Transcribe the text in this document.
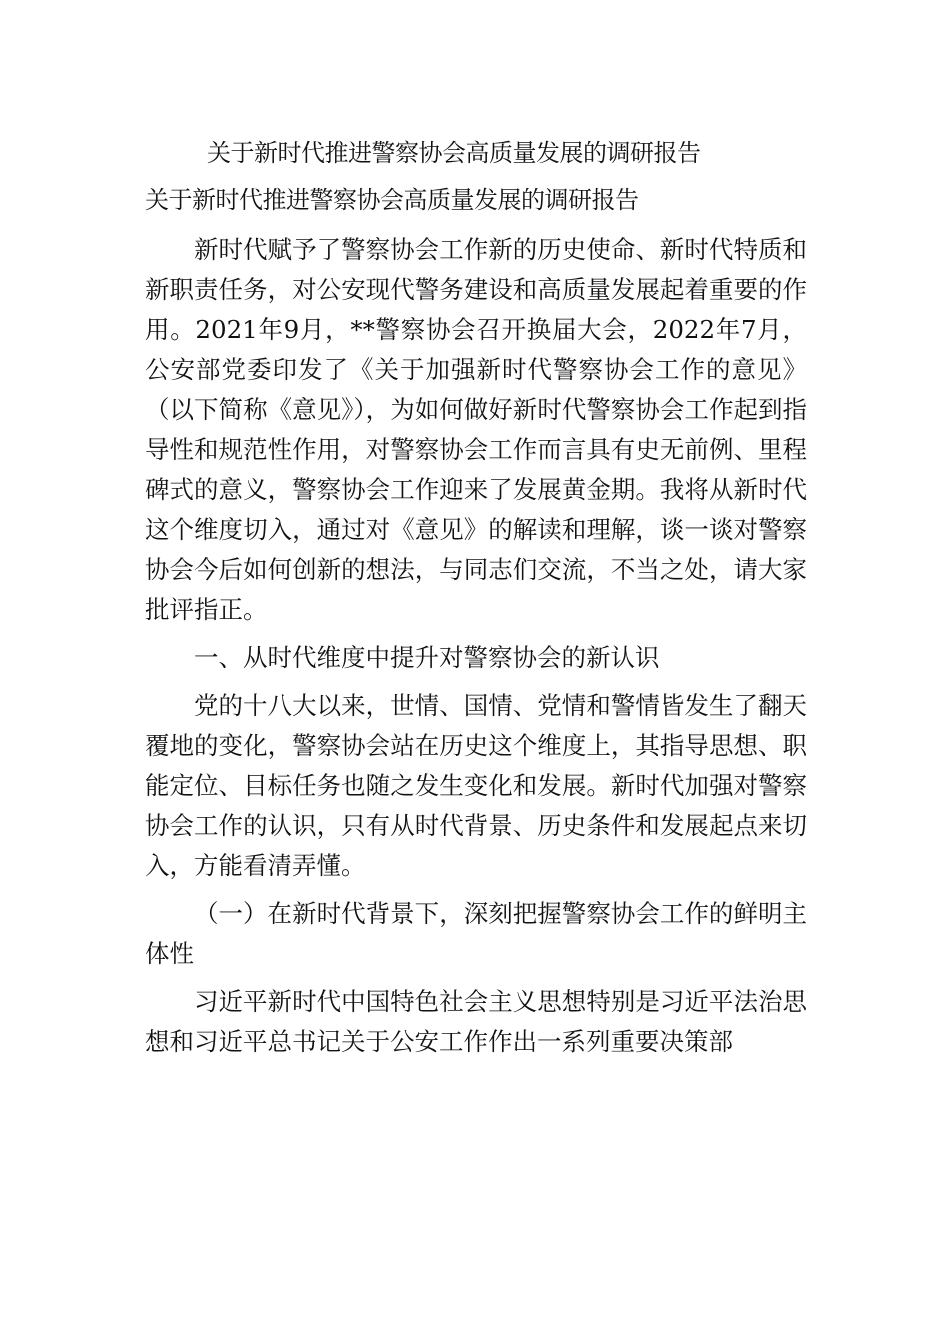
关于新时代推进警察协会高质量发展的调研报告
关于新时代推进警察协会高质量发展的调研报告

新时代赋予了警察协会工作新的历史使命、新时代特质和新职责任务，对公安现代警务建设和高质量发展起着重要的作用。2021年9月，**警察协会召开换届大会，2022年7月，公安部党委印发了《关于加强新时代警察协会工作的意见》（以下简称《意见》），为如何做好新时代警察协会工作起到指导性和规范性作用，对警察协会工作而言具有史无前例、里程碑式的意义，警察协会工作迎来了发展黄金期。我将从新时代这个维度切入，通过对《意见》的解读和理解，谈一谈对警察协会今后如何创新的想法，与同志们交流，不当之处，请大家批评指正。

一、从时代维度中提升对警察协会的新认识

党的十八大以来，世情、国情、党情和警情皆发生了翻天覆地的变化，警察协会站在历史这个维度上，其指导思想、职能定位、目标任务也随之发生变化和发展。新时代加强对警察协会工作的认识，只有从时代背景、历史条件和发展起点来切入，方能看清弄懂。

（一）在新时代背景下，深刻把握警察协会工作的鲜明主体性

习近平新时代中国特色社会主义思想特别是习近平法治思想和习近平总书记关于公安工作作出一系列重要决策部
